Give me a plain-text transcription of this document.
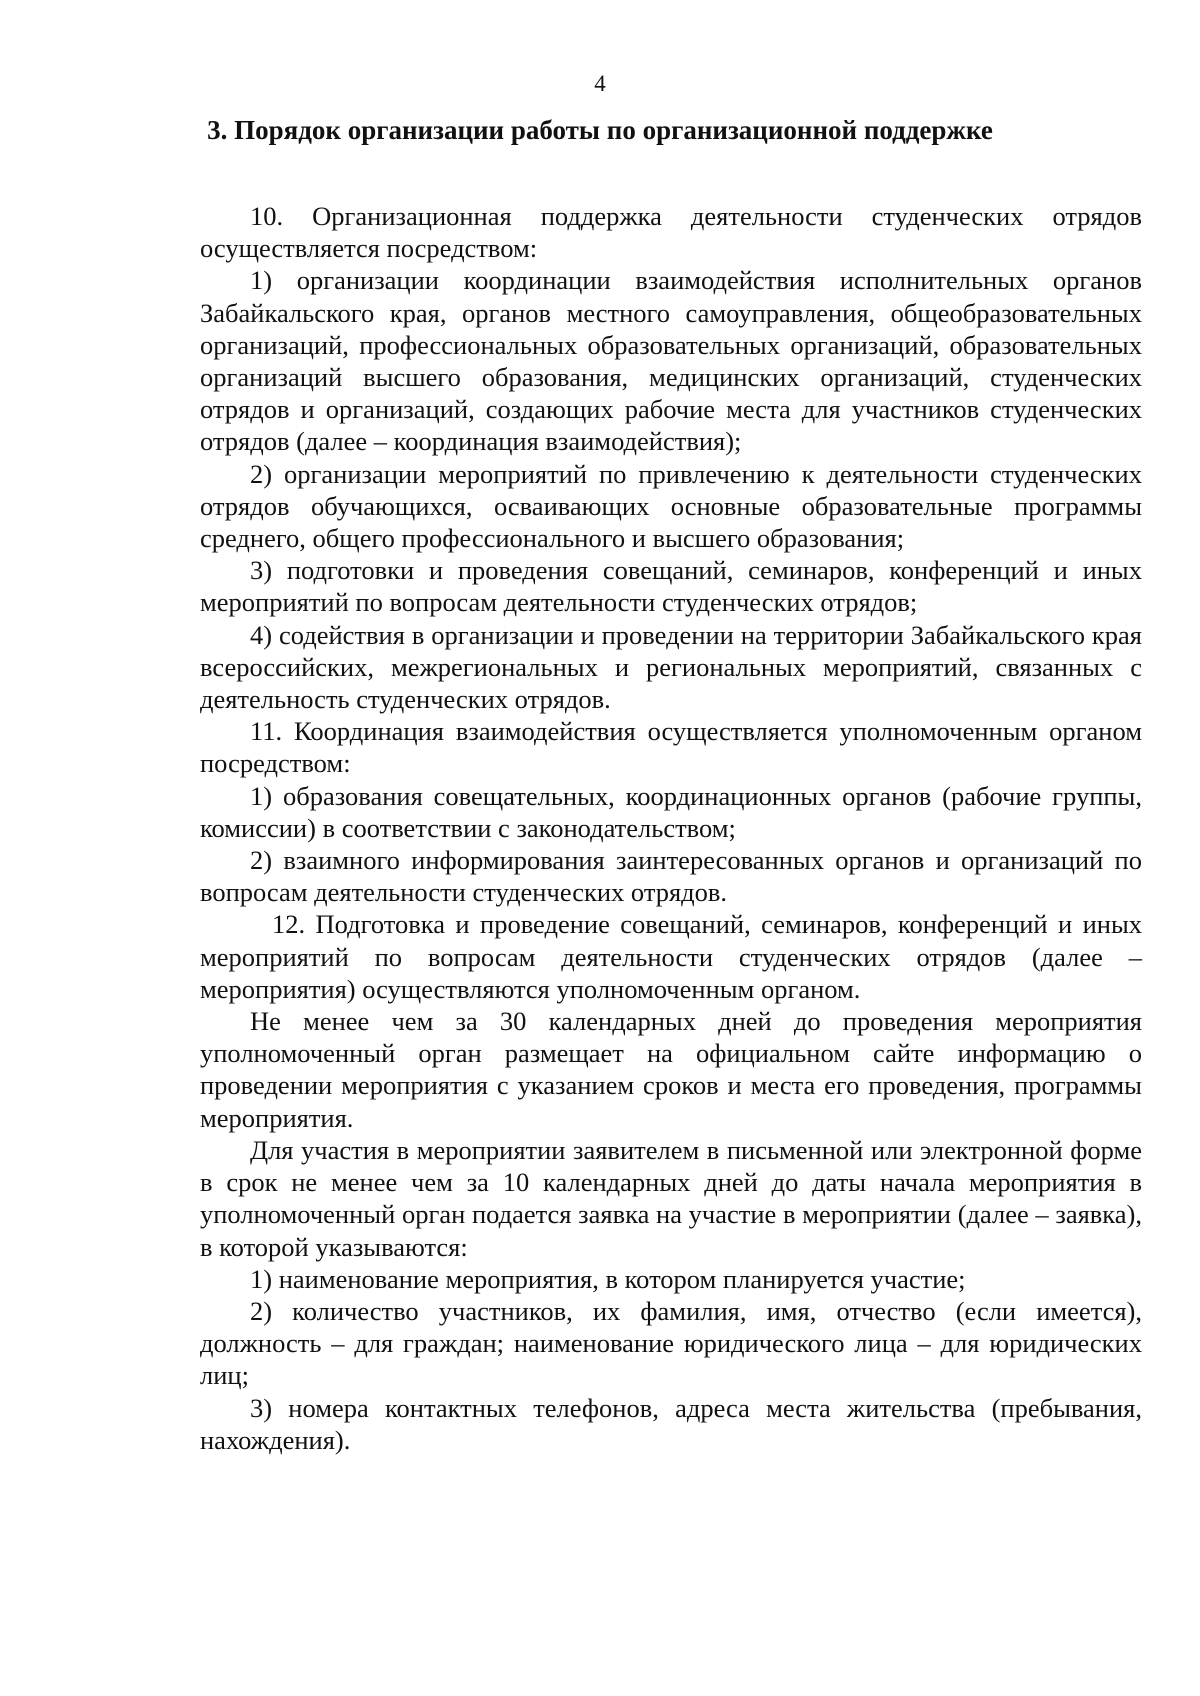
4
3. Порядок организации работы по организационной поддержке

10. Организационная поддержка деятельности студенческих отрядов осуществляется посредством:

1) организации координации взаимодействия исполнительных органов Забайкальского края, органов местного самоуправления, общеобразовательных организаций, профессиональных образовательных организаций, образовательных организаций высшего образования, медицинских организаций, студенческих отрядов и организаций, создающих рабочие места для участников студенческих отрядов (далее – координация взаимодействия);

2) организации мероприятий по привлечению к деятельности студенческих отрядов обучающихся, осваивающих основные образовательные программы среднего, общего профессионального и высшего образования;

3) подготовки и проведения совещаний, семинаров, конференций и иных мероприятий по вопросам деятельности студенческих отрядов;

4) содействия в организации и проведении на территории Забайкальского края всероссийских, межрегиональных и региональных мероприятий, связанных с деятельность студенческих отрядов.

11. Координация взаимодействия осуществляется уполномоченным органом посредством:

1) образования совещательных, координационных органов (рабочие группы, комиссии) в соответствии с законодательством;

2) взаимного информирования заинтересованных органов и организаций по вопросам деятельности студенческих отрядов.

12. Подготовка и проведение совещаний, семинаров, конференций и иных мероприятий по вопросам деятельности студенческих отрядов (далее – мероприятия) осуществляются уполномоченным органом.

Не менее чем за 30 календарных дней до проведения мероприятия уполномоченный орган размещает на официальном сайте информацию о проведении мероприятия с указанием сроков и места его проведения, программы мероприятия.

Для участия в мероприятии заявителем в письменной или электронной форме в срок не менее чем за 10 календарных дней до даты начала мероприятия в уполномоченный орган подается заявка на участие в мероприятии (далее – заявка), в которой указываются:

1) наименование мероприятия, в котором планируется участие;

2) количество участников, их фамилия, имя, отчество (если имеется), должность – для граждан; наименование юридического лица – для юридических лиц;

3) номера контактных телефонов, адреса места жительства (пребывания, нахождения).
